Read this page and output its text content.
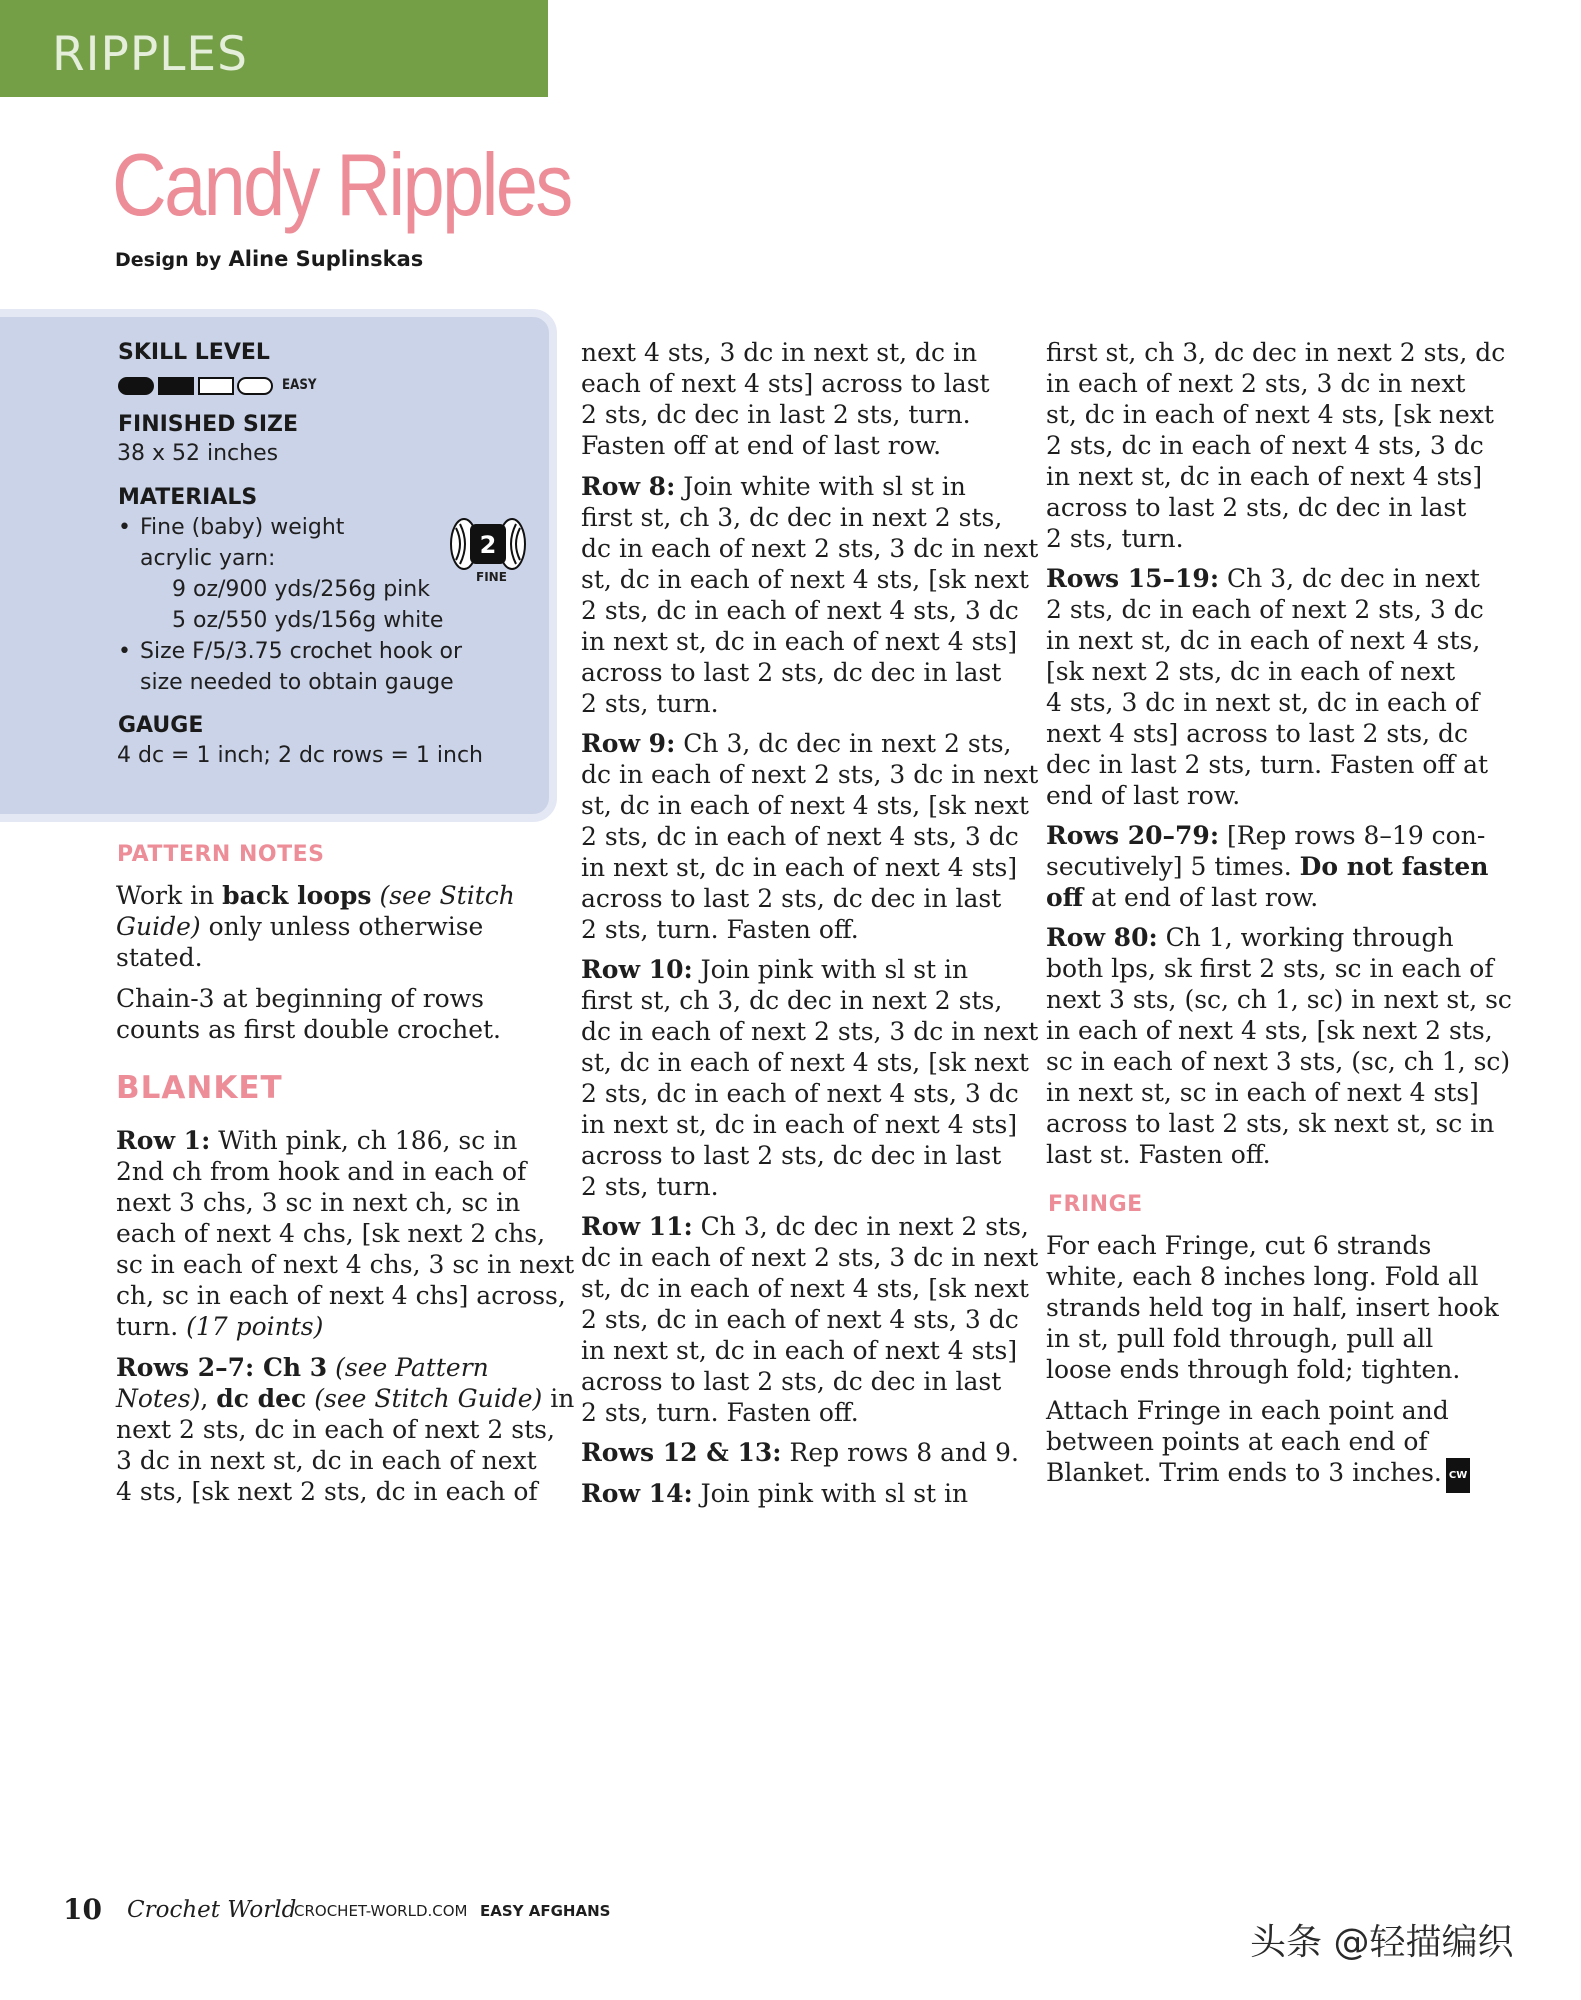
RIPPLES
Candy Ripples
Design by Aline Suplinskas
SKILL LEVEL
EASY
FINISHED SIZE
38 x 52 inches
MATERIALS
• Fine (baby) weight
acrylic yarn:
9 oz/900 yds/256g pink
5 oz/550 yds/156g white
• Size F/5/3.75 crochet hook or
size needed to obtain gauge
2
FINE
GAUGE
4 dc = 1 inch; 2 dc rows = 1 inch
PATTERN NOTES
Work in back loops (see Stitch
Guide) only unless otherwise
stated.
Chain-3 at beginning of rows
counts as first double crochet.
BLANKET
Row 1: With pink, ch 186, sc in
2nd ch from hook and in each of
next 3 chs, 3 sc in next ch, sc in
each of next 4 chs, [sk next 2 chs,
sc in each of next 4 chs, 3 sc in next
ch, sc in each of next 4 chs] across,
turn. (17 points)
Rows 2–7: Ch 3 (see Pattern
Notes), dc dec (see Stitch Guide) in
next 2 sts, dc in each of next 2 sts,
3 dc in next st, dc in each of next
4 sts, [sk next 2 sts, dc in each of
next 4 sts, 3 dc in next st, dc in
each of next 4 sts] across to last
2 sts, dc dec in last 2 sts, turn.
Fasten off at end of last row.
Row 8: Join white with sl st in
first st, ch 3, dc dec in next 2 sts,
dc in each of next 2 sts, 3 dc in next
st, dc in each of next 4 sts, [sk next
2 sts, dc in each of next 4 sts, 3 dc
in next st, dc in each of next 4 sts]
across to last 2 sts, dc dec in last
2 sts, turn.
Row 9: Ch 3, dc dec in next 2 sts,
dc in each of next 2 sts, 3 dc in next
st, dc in each of next 4 sts, [sk next
2 sts, dc in each of next 4 sts, 3 dc
in next st, dc in each of next 4 sts]
across to last 2 sts, dc dec in last
2 sts, turn. Fasten off.
Row 10: Join pink with sl st in
first st, ch 3, dc dec in next 2 sts,
dc in each of next 2 sts, 3 dc in next
st, dc in each of next 4 sts, [sk next
2 sts, dc in each of next 4 sts, 3 dc
in next st, dc in each of next 4 sts]
across to last 2 sts, dc dec in last
2 sts, turn.
Row 11: Ch 3, dc dec in next 2 sts,
dc in each of next 2 sts, 3 dc in next
st, dc in each of next 4 sts, [sk next
2 sts, dc in each of next 4 sts, 3 dc
in next st, dc in each of next 4 sts]
across to last 2 sts, dc dec in last
2 sts, turn. Fasten off.
Rows 12 & 13: Rep rows 8 and 9.
Row 14: Join pink with sl st in
first st, ch 3, dc dec in next 2 sts, dc
in each of next 2 sts, 3 dc in next
st, dc in each of next 4 sts, [sk next
2 sts, dc in each of next 4 sts, 3 dc
in next st, dc in each of next 4 sts]
across to last 2 sts, dc dec in last
2 sts, turn.
Rows 15–19: Ch 3, dc dec in next
2 sts, dc in each of next 2 sts, 3 dc
in next st, dc in each of next 4 sts,
[sk next 2 sts, dc in each of next
4 sts, 3 dc in next st, dc in each of
next 4 sts] across to last 2 sts, dc
dec in last 2 sts, turn. Fasten off at
end of last row.
Rows 20–79: [Rep rows 8–19 con-
secutively] 5 times. Do not fasten
off at end of last row.
Row 80: Ch 1, working through
both lps, sk first 2 sts, sc in each of
next 3 sts, (sc, ch 1, sc) in next st, sc
in each of next 4 sts, [sk next 2 sts,
sc in each of next 3 sts, (sc, ch 1, sc)
in next st, sc in each of next 4 sts]
across to last 2 sts, sk next st, sc in
last st. Fasten off.
FRINGE
For each Fringe, cut 6 strands
white, each 8 inches long. Fold all
strands held tog in half, insert hook
in st, pull fold through, pull all
loose ends through fold; tighten.
Attach Fringe in each point and
between points at each end of
Blanket. Trim ends to 3 inches. CW
10 Crochet World
CROCHET-WORLD.COM EASY AFGHANS
头条 @轻描编织
